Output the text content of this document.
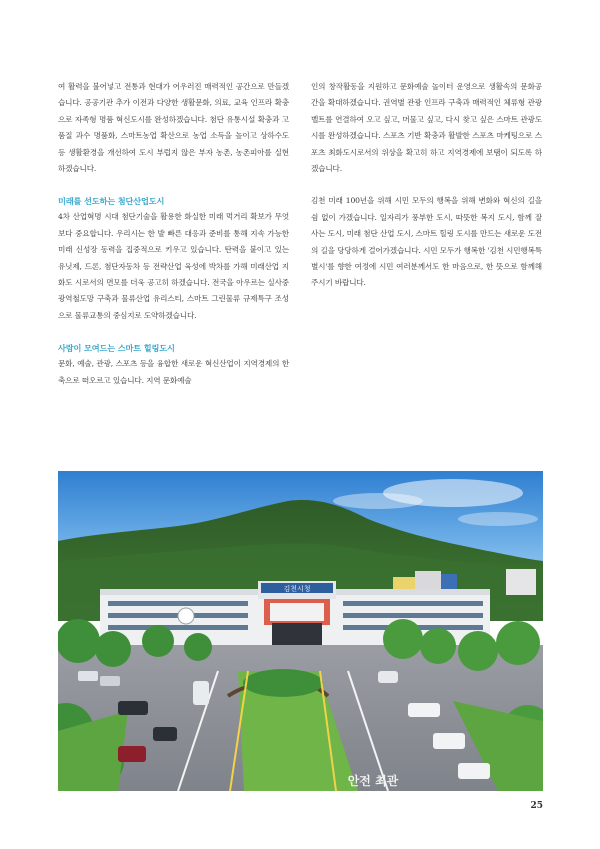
여 활력을 불어넣고 전통과 현대가 어우러진 매력적인 공간으로 만들겠습니다. 공공기관 추가 이전과 다양한 생활문화, 의료, 교육 인프라 확충으로 자족형 명품 혁신도시를 완성하겠습니다. 첨단 유통시설 확충과 고품질 과수 명품화, 스마트농업 확산으로 농업 소득을 높이고 상하수도 등 생활환경을 개선하여 도시 부럽지 않은 부자 농촌, 농촌피아를 실현하겠습니다.

미래를 선도하는 첨단산업도시

4차 산업혁명 시대 첨단기술을 활용한 화실한 미래 먹거리 확보가 무엇보다 중요합니다. 우리시는 한 발 빠른 대응과 준비를 통해 지속 가능한 미래 신성장 동력을 집중적으로 키우고 있습니다. 탄력을 붙이고 있는 유닛제, 드론, 첨단자동차 등 전략산업 육성에 박차를 가해 미래산업 지화도 시로서의 면모를 더욱 공고히 하겠습니다. 전국을 아우르는 실사중 광역철도망 구축과 물류산업 유리스티, 스마트 그린물류 규제특구 조성으로 물류교통의 중심지로 도약하겠습니다.

사람이 모여드는 스마트 힐링도시

문화, 예술, 관광, 스포츠 등을 융합한 새로운 혁신산업이 지역경제의 한 축으로 떠오르고 있습니다. 지역 문화예술

인의 창작활동을 지원하고 문화예술 놀이터 운영으로 생활속의 문화공간을 확대하겠습니다. 권역별 관광 인프라 구축과 매력적인 체류형 관광벨트를 연결하여 오고 싶고, 머물고 싶고, 다시 찾고 싶은 스마트 관광도시를 완성하겠습니다. 스포츠 기반 확충과 활발한 스포츠 마케팅으로 스포츠 최화도시로서의 위상을 확고히 하고 지역경제에 보탬이 되도록 하겠습니다.

김천 미래 100년을 위해 시민 모두의 행복을 위해 변화와 혁신의 길을 쉼 없이 가겠습니다. 일자리가 풍부한 도시, 따뜻한 복지 도시, 함께 잘 사는 도시, 미래 첨단 산업 도시, 스마트 힐링 도시를 만드는 새로운 도전의 길을 당당하게 걸어가겠습니다. 시민 모두가 행복한 '김천 시민행복특별시'를 향한 여정에 시민 여러분께서도 한 마음으로, 한 뜻으로 함께해 주시기 바랍니다.

김천시청
안전 최관
25
